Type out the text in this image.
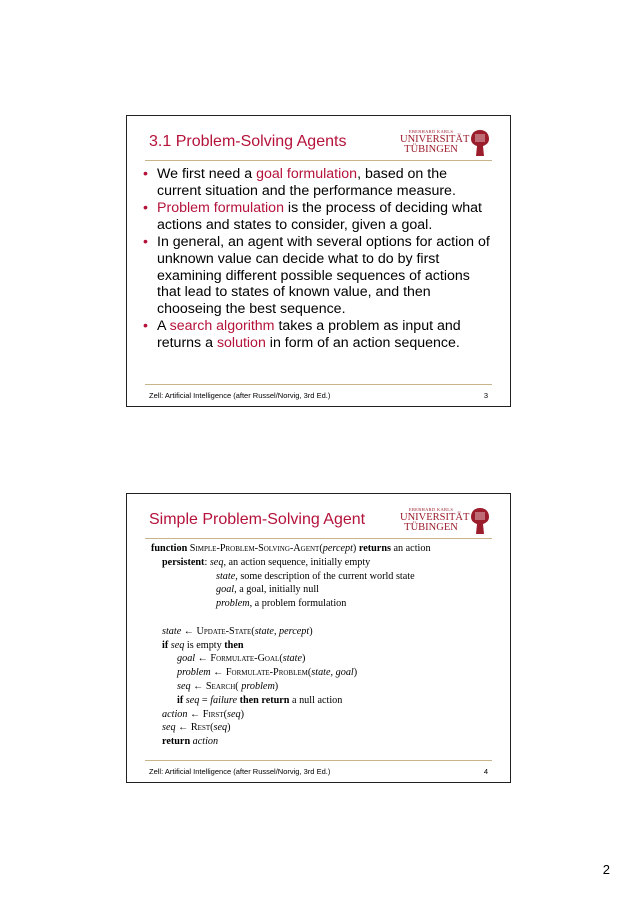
3.1 Problem-Solving Agents
EBERHARD KARLS
UNIVERSITÄT
TÜBINGEN
• We first need a goal formulation, based on the current situation and the performance measure.
• Problem formulation is the process of deciding what actions and states to consider, given a goal.
• In general, an agent with several options for action of unknown value can decide what to do by first examining different possible sequences of actions that lead to states of known value, and then chooseing the best sequence.
• A search algorithm takes a problem as input and returns a solution in form of an action sequence.
Zell: Artificial Intelligence (after Russel/Norvig, 3rd Ed.)	3
Simple Problem-Solving Agent
EBERHARD KARLS
UNIVERSITÄT
TÜBINGEN
function Simple-Problem-Solving-Agent(percept) returns an action
persistent: seq, an action sequence, initially empty
state, some description of the current world state
goal, a goal, initially null
problem, a problem formulation
state ← Update-State(state, percept)
if seq is empty then
goal ← Formulate-Goal(state)
problem ← Formulate-Problem(state, goal)
seq ← Search( problem)
if seq = failure then return a null action
action ← First(seq)
seq ← Rest(seq)
return action
Zell: Artificial Intelligence (after Russel/Norvig, 3rd Ed.)	4
2
